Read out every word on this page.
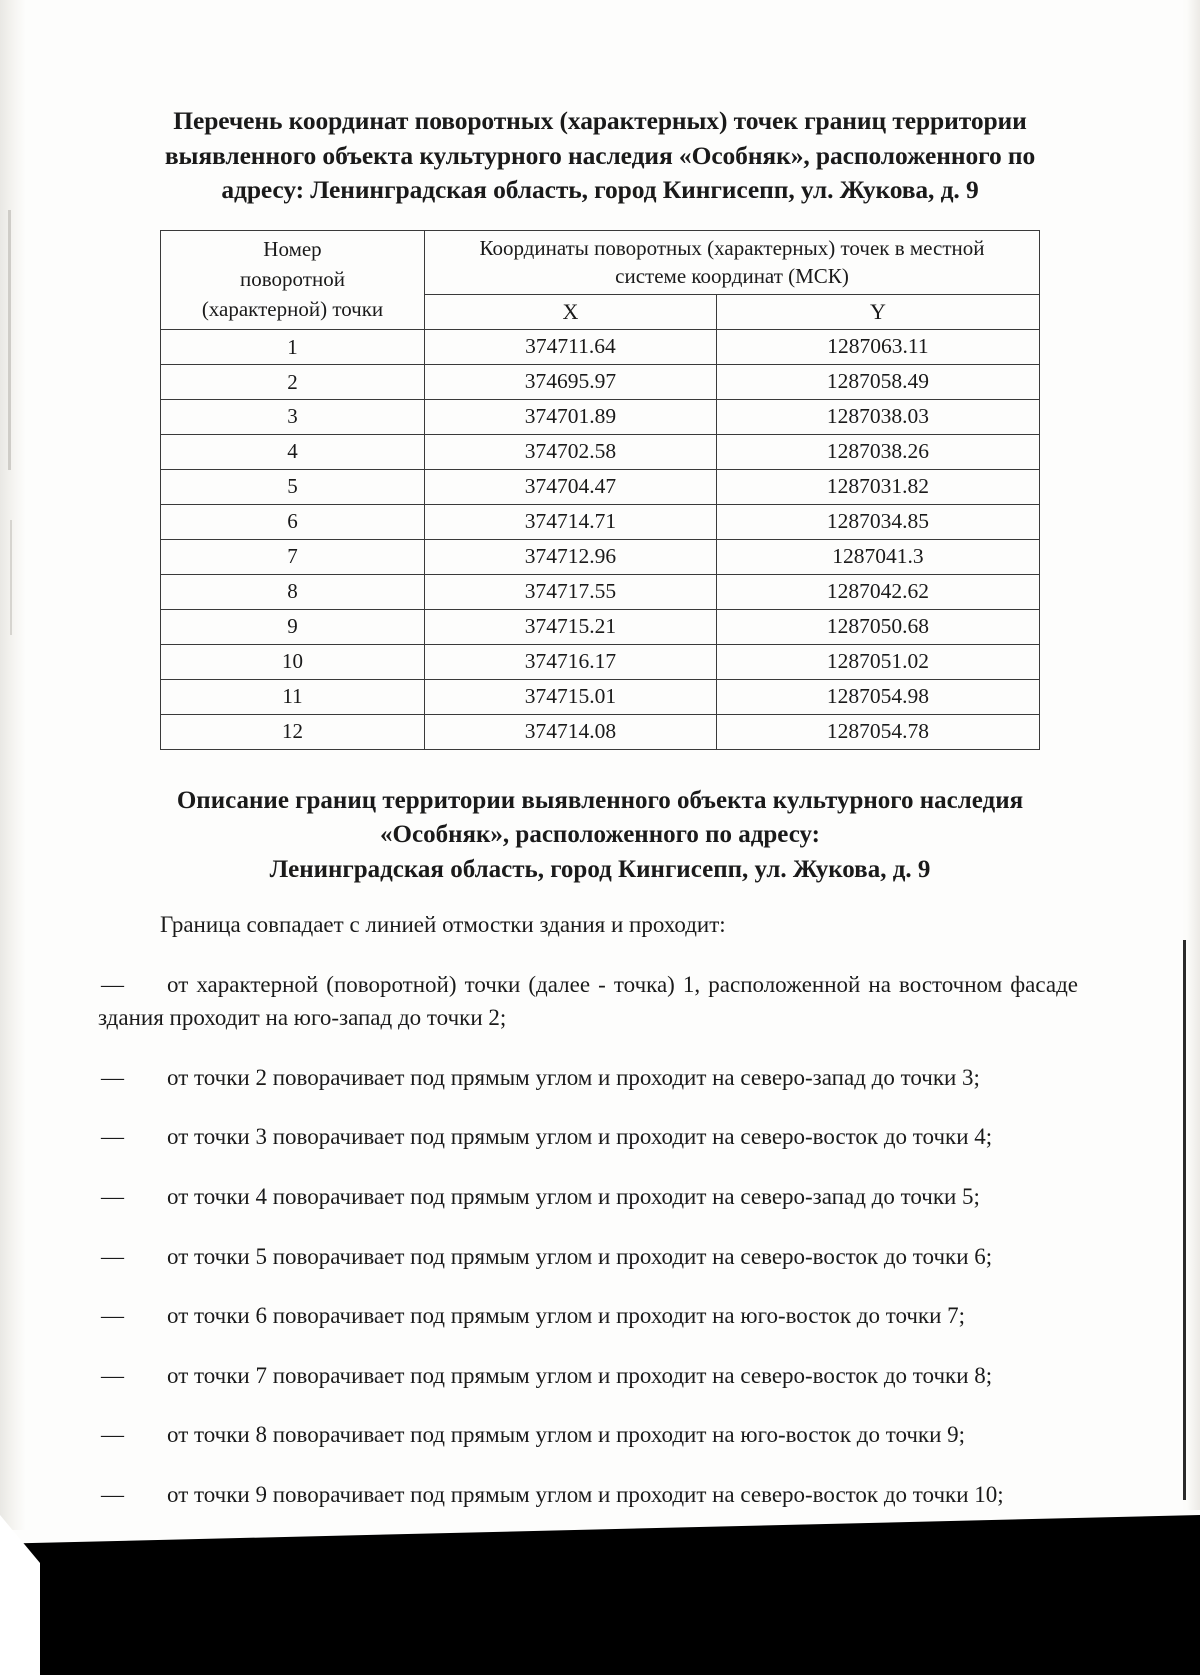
Перечень координат поворотных (характерных) точек границ территории
выявленного объекта культурного наследия «Особняк», расположенного по
адресу: Ленинградская область, город Кингисепп, ул. Жукова, д. 9
Номер
поворотной
(характерной) точки	Координаты поворотных (характерных) точек в местной
системе координат (МСК)	
	X	Y
1	374711.64	1287063.11
2	374695.97	1287058.49
3	374701.89	1287038.03
4	374702.58	1287038.26
5	374704.47	1287031.82
6	374714.71	1287034.85
7	374712.96	1287041.3
8	374717.55	1287042.62
9	374715.21	1287050.68
10	374716.17	1287051.02
11	374715.01	1287054.98
12	374714.08	1287054.78
Описание границ территории выявленного объекта культурного наследия
«Особняк», расположенного по адресу:
Ленинградская область, город Кингисепп, ул. Жукова, д. 9

Граница совпадает с линией отмостки здания и проходит:

— от характерной (поворотной) точки (далее - точка) 1, расположенной на восточном фасаде здания проходит на юго-запад до точки 2;

— от точки 2 поворачивает под прямым углом и проходит на северо-запад до точки 3;

— от точки 3 поворачивает под прямым углом и проходит на северо-восток до точки 4;

— от точки 4 поворачивает под прямым углом и проходит на северо-запад до точки 5;

— от точки 5 поворачивает под прямым углом и проходит на северо-восток до точки 6;

— от точки 6 поворачивает под прямым углом и проходит на юго-восток до точки 7;

— от точки 7 поворачивает под прямым углом и проходит на северо-восток до точки 8;

— от точки 8 поворачивает под прямым углом и проходит на юго-восток до точки 9;

— от точки 9 поворачивает под прямым углом и проходит на северо-восток до точки 10;
